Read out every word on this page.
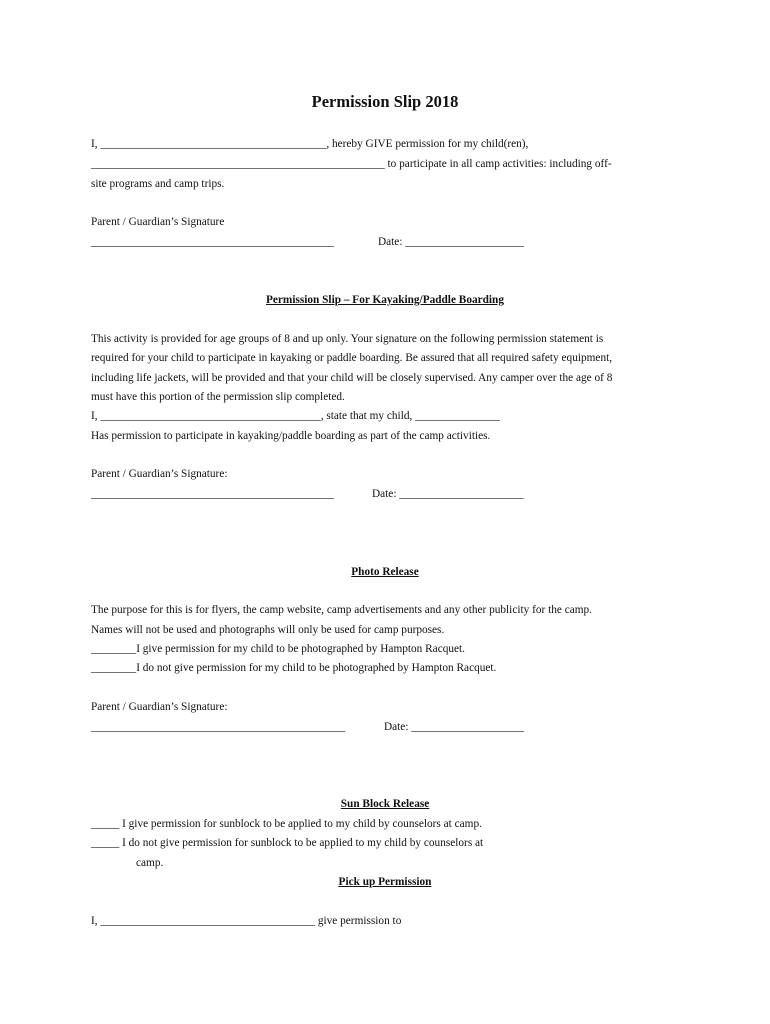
Permission Slip 2018
I, ________________________________________, hereby GIVE permission for my child(ren),
____________________________________________________ to participate in all camp activities: including off-
site programs and camp trips.
Parent / Guardian’s Signature
___________________________________________	Date: _____________________
Permission Slip – For Kayaking/Paddle Boarding
This activity is provided for age groups of 8 and up only. Your signature on the following permission statement is
required for your child to participate in kayaking or paddle boarding. Be assured that all required safety equipment,
including life jackets, will be provided and that your child will be closely supervised. Any camper over the age of 8
must have this portion of the permission slip completed.
I, _______________________________________, state that my child, _______________
Has permission to participate in kayaking/paddle boarding as part of the camp activities.
Parent / Guardian’s Signature:
___________________________________________	Date: ______________________
Photo Release
The purpose for this is for flyers, the camp website, camp advertisements and any other publicity for the camp.
Names will not be used and photographs will only be used for camp purposes.
________I give permission for my child to be photographed by Hampton Racquet.
________I do not give permission for my child to be photographed by Hampton Racquet.
Parent / Guardian’s Signature:
_____________________________________________	Date: ____________________
Sun Block Release
_____ I give permission for sunblock to be applied to my child by counselors at camp.
_____ I do not give permission for sunblock to be applied to my child by counselors at
camp.
Pick up Permission
I, ______________________________________ give permission to
